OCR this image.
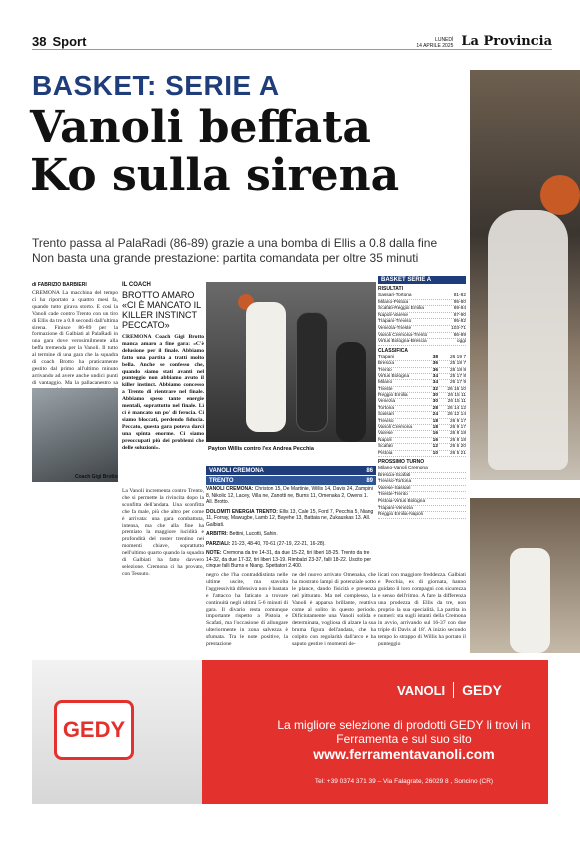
38 Sport	LUNEDÌ
14 APRILE 2025 La Provincia
BASKET: SERIE A
Vanoli beffata
Ko sulla sirena
Trento passa al PalaRadi (86-89) grazie a una bomba di Ellis a 0.8 dalla fine
Non basta una grande prestazione: partita comandata per oltre 35 minuti
di FABRIZIO BARBIERI
CREMONA La macchina del tempo ci ha riportato a quattro mesi fa, quando tutto girava storto. E così la Vanoli cade contro Trento con un tiro di Ellis da tre a 0.8 secondi dall'ultima sirena. Finisce 86-89 per la formazione di Galbiati al PalaRadi in una gara dove verosimilmente alla beffa tremenda per la Vanoli. Il tutto al termine di una gara che la squadra di coach Brotto ha praticamente gestito dal primo all'ultimo minuto arrivando ad avere anche undici punti di vantaggio. Ma la pallacanestro sa
Coach Gigi Brotto
IL COACH
BROTTO AMARO «CI È MANCATO IL KILLER INSTINCT PECCATO»
CREMONA Coach Gigi Brotto manca amaro a fine gara: «C'è delusione per il finale. Abbiamo fatto una partita a tratti molto bella. Anche se confesso che, quando siamo stati avanti nel punteggio non abbiamo avuto il killer instinct. Abbiamo concesso a Trento di rientrare nel finale. Abbiamo speso tante energie mentali, soprattutto nel finale. Lì ci è mancato un po' di ferocia. Ci siamo bloccati, perdendo fiducia. Peccato, questa gara poteva darci una spinta enorme. Ci siamo preoccupati più dei problemi che delle soluzioni».	Payton Willis contro l'ex Andrea Pecchia
VANOLI CREMONA	86
TRENTO	89

VANOLI CREMONA: Christon 15, De Martinie, Willis 14, Davis 24, Zampini 8, Nikolic 12, Lacey, Villa ne, Zanotti ne, Burns 11, Omenaka 2, Owens 1. All. Brotto.

DOLOMITI ENERGIA TRENTO: Ellis 13, Cale 15, Ford 7, Pecchia 5, Niang 11, Forray, Mawugbe, Lamb 12, Bayehe 13, Battaia ne, Zukauskas 13. All. Galbiati.

ARBITRI: Bettini, Lucotti, Sahin.

PARZIALI: 21-23, 48-40, 70-61 (27-19, 22-21, 16-28).

NOTE: Cremona da tre 14-31, da due 15-22, tiri liberi 18-25. Trento da tre 14-32, da due 17-32, tiri liberi 13-19. Rimbalzi 23-37, falli 18-22. Uscito per cinque falli Burns e Niang. Spettatori 2.400.

La Vanoli incrementa contro Trento, che si permette la rivincita dopo la sconfitta dell'andata. Una sconfitta che fa male, più che altro per come è arrivata: una gara combattuta, intensa, ma che alla fine ha premiato la maggiore lucidità e profondità del roster trentino nei momenti chiave, soprattutto nell'ultimo quarto quando la squadra di Galbiati ha fatto davvero selezione. Cremona ci ha provato, con Tessuto.	negro che l'ha contraddistinta nelle ultime uscite, ma stavolta l'aggressività difensiva non è bastata e l'attacco ha faticato a trovare continuità negli ultimi 5-6 minuti di gara. Il divario resta comunque importante rispetto a Pistoia e Scafati, ma l'occasione di allungare ulteriormente in zona salvezza è sfumata. Tra le note positive, la prestazione
ne del nuovo arrivato Omenaka, che ha mostrato lampi di potenziale sotto le plance, dando fisicità e presenza nel pitturato. Ma nel complesso, la Vanoli è apparsa brillante, reattiva come al solito in questo periodo. Dificiutamente una Vanoli solida e determinata, vogliosa di alzare la sua bruma figura dell'andata, che ha colpito con regolarità dall'arco e ha saputo gestire i momenti de-
licati con maggiore freddezza. Galbiati e Pecchia, ex di giornata, hanno guidato il loro compagni con sicurezza e senso dell'ritmo. A fare la differenza una prodezza di Ellis da tre, non proprio la sua specialità. La partita in numeri: sta sugli istanti della Cremona in avvio, arrivando sul 16-37 con due triple di Davis al 18'. A inizio secondo tempo lo strappo di Willis ha portato il punteggio
BASKET SERIE A
RISULTATI
Sassari-Tortona	81-82
Milano-Pistoia	95-80
Scafati-Reggio Emilia	69-84
Napoli-Varese	87-90
Trapani-Treviso	95-82
Venezia-Trieste	103-71
Vanoli Cremona-Trento	86-89
Virtus Bologna-Brescia	oggi
CLASSIFICA
Trapani	38	26 19 7
Brescia	36	25 18 7
Trento	36	26 18 8
Virtus Bologna	34	25 17 8
Milano	34	26 17 9
Trieste	32	26 16 10
Reggio Emilia	30	26 15 11
Venezia	30	26 15 11
Tortona	28	26 14 12
Sassari	24	26 12 14
Treviso	18	26 9 17
Vanoli Cremona	18	26 9 17
Varese	16	26 8 18
Napoli	16	26 8 18
Scafati	12	26 6 20
Pistoia	10	26 5 21
PROSSIMO TURNO
Milano-Vanoli Cremona
Brescia-Scafati
Treviso-Tortona
Varese-Sassari
Trieste-Trento
Pistoia-Virtus Bologna
Trapani-Venezia
Reggio Emilia-Napoli
GEDY
VANOLI	GEDY
La migliore selezione di prodotti GEDY li trovi in Ferramenta e sul suo sito
www.ferramentavanoli.com
Tel: +39 0374 371 39 – Via Falagrate, 26029 8 , Soncino (CR)
